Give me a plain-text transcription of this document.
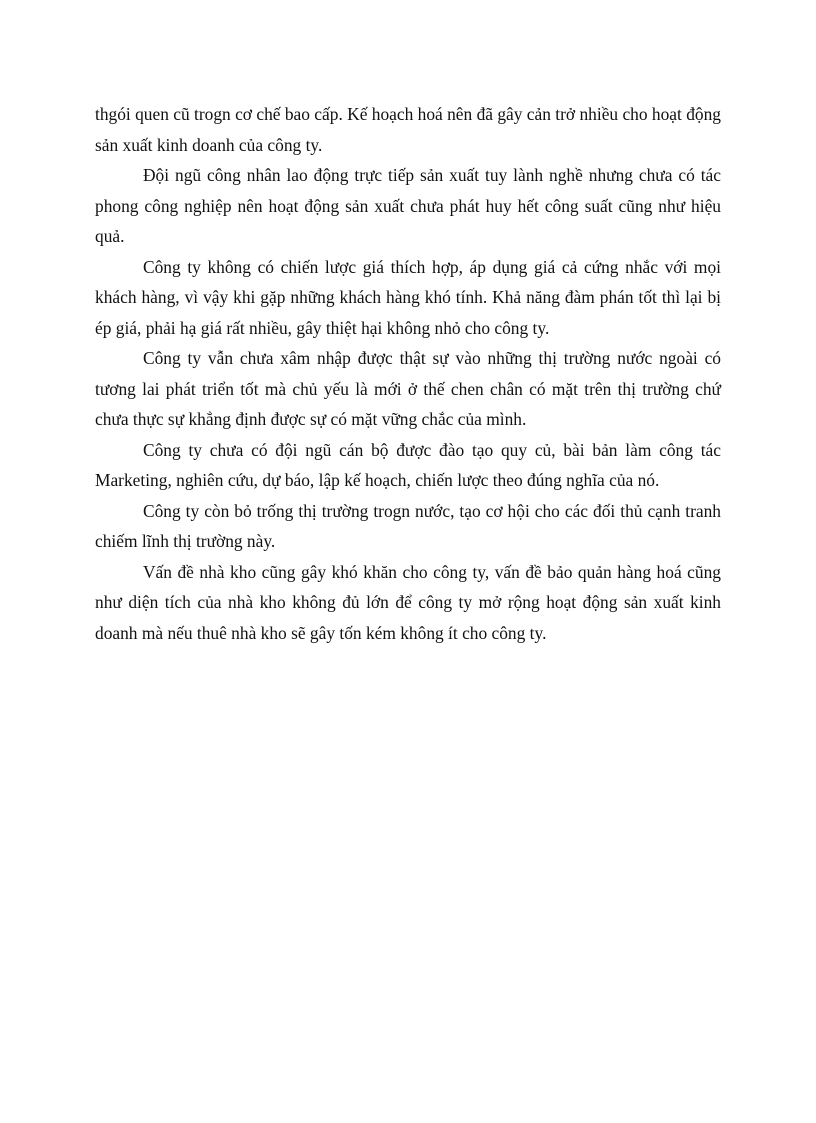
thgói quen cũ trogn cơ chế bao cấp. Kế hoạch hoá nên đã gây cản trở nhiều cho hoạt động sản xuất kinh doanh của công ty.

Đội ngũ công nhân lao động trực tiếp sản xuất tuy lành nghề nhưng chưa có tác phong công nghiệp nên hoạt động sản xuất chưa phát huy hết công suất cũng như hiệu quả.

Công ty không có chiến lược giá thích hợp, áp dụng giá cả cứng nhắc với mọi khách hàng, vì vậy khi gặp những khách hàng khó tính. Khả năng đàm phán tốt thì lại bị ép giá, phải hạ giá rất nhiều, gây thiệt hại không nhỏ cho công ty.

Công ty vẫn chưa xâm nhập được thật sự vào những thị trường nước ngoài có tương lai phát triển tốt mà chủ yếu là mới ở thế chen chân có mặt trên thị trường chứ chưa thực sự khẳng định được sự có mặt vững chắc của mình.

Công ty chưa có đội ngũ cán bộ được đào tạo quy củ, bài bản làm công tác Marketing, nghiên cứu, dự báo, lập kế hoạch, chiến lược theo đúng nghĩa của nó.

Công ty còn bỏ trống thị trường trogn nước, tạo cơ hội cho các đối thủ cạnh tranh chiếm lĩnh thị trường này.

Vấn đề nhà kho cũng gây khó khăn cho công ty, vấn đề bảo quản hàng hoá cũng như diện tích của nhà kho không đủ lớn để công ty mở rộng hoạt động sản xuất kinh doanh mà nếu thuê nhà kho sẽ gây tốn kém không ít cho công ty.
